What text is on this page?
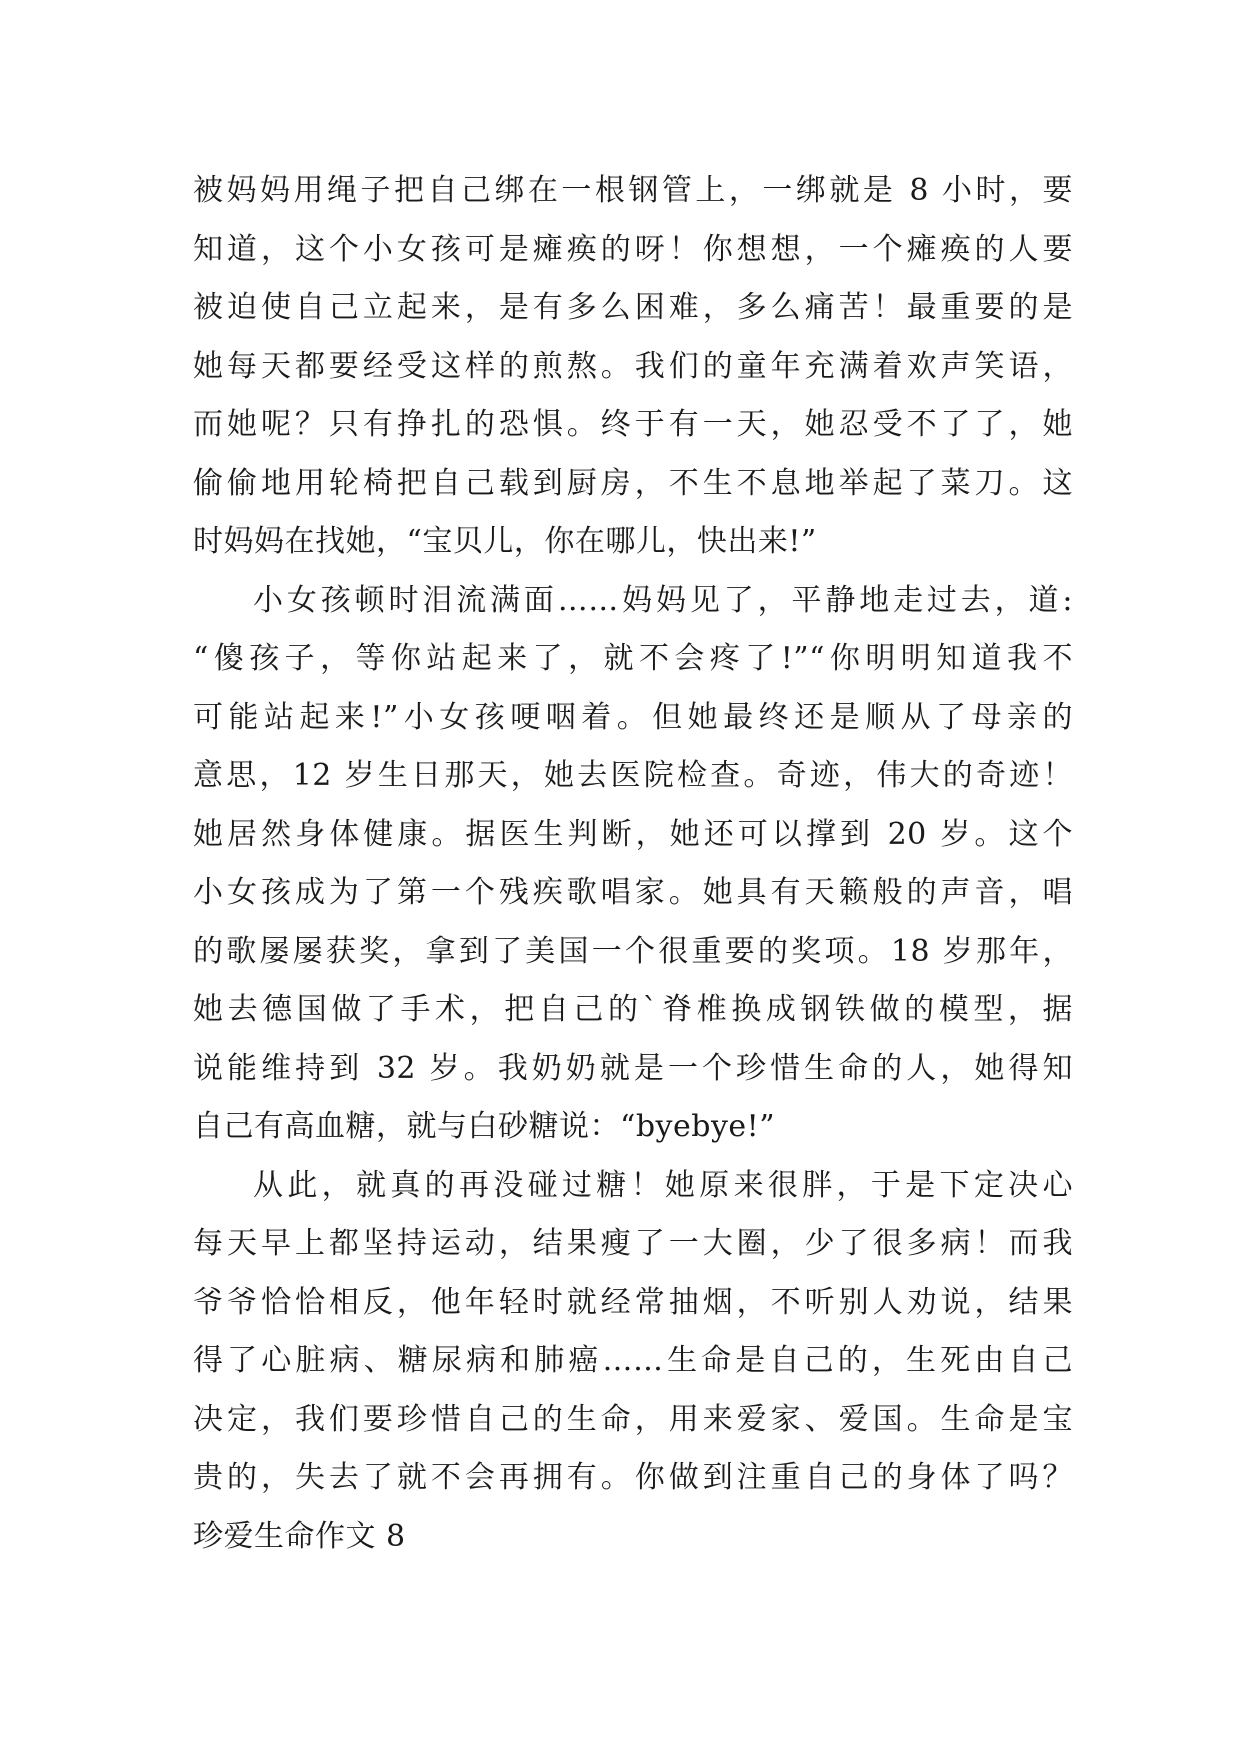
被妈妈用绳子把自己绑在一根钢管上，一绑就是 8 小时，要
知道，这个小女孩可是瘫痪的呀！你想想，一个瘫痪的人要
被迫使自己立起来，是有多么困难，多么痛苦！最重要的是
她每天都要经受这样的煎熬。我们的童年充满着欢声笑语，
而她呢？只有挣扎的恐惧。终于有一天，她忍受不了了，她
偷偷地用轮椅把自己载到厨房，不生不息地举起了菜刀。这
时妈妈在找她，“宝贝儿，你在哪儿，快出来!”
小女孩顿时泪流满面……妈妈见了，平静地走过去，道:
“傻孩子，等你站起来了，就不会疼了!”“你明明知道我不
可能站起来!”小女孩哽咽着。但她最终还是顺从了母亲的
意思，12 岁生日那天，她去医院检查。奇迹，伟大的奇迹！
她居然身体健康。据医生判断，她还可以撑到 20 岁。这个
小女孩成为了第一个残疾歌唱家。她具有天籁般的声音，唱
的歌屡屡获奖，拿到了美国一个很重要的奖项。18 岁那年，
她去德国做了手术，把自己的`脊椎换成钢铁做的模型，据
说能维持到 32 岁。我奶奶就是一个珍惜生命的人，她得知
自己有高血糖，就与白砂糖说：“byebye!”
从此，就真的再没碰过糖！她原来很胖，于是下定决心
每天早上都坚持运动，结果瘦了一大圈，少了很多病！而我
爷爷恰恰相反，他年轻时就经常抽烟，不听别人劝说，结果
得了心脏病、糖尿病和肺癌……生命是自己的，生死由自己
决定，我们要珍惜自己的生命，用来爱家、爱国。生命是宝
贵的，失去了就不会再拥有。你做到注重自己的身体了吗？
珍爱生命作文 8
